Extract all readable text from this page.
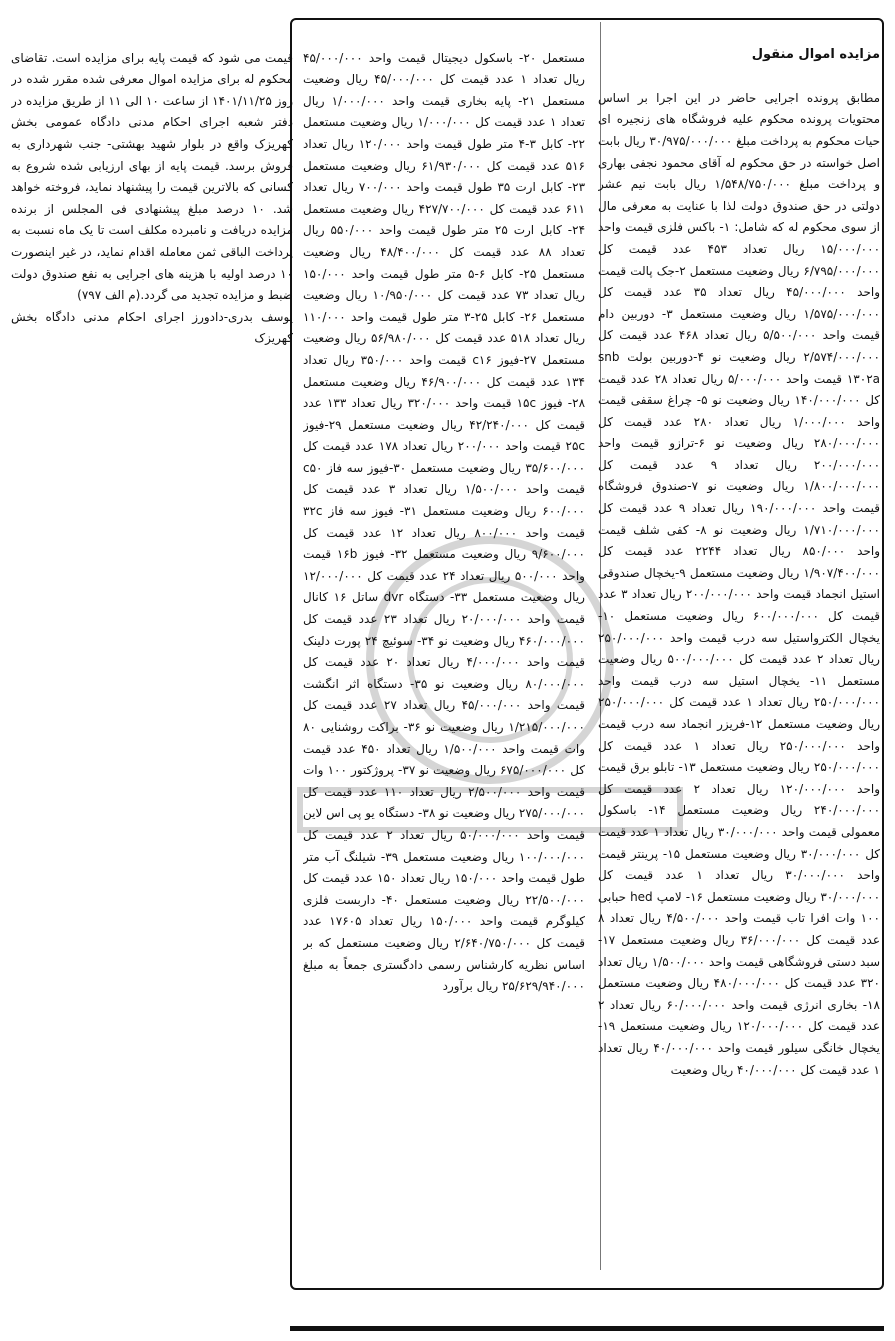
مزایده اموال منقول

مطابق پرونده اجرایی حاضر در این اجرا بر اساس محتویات پرونده محکوم علیه فروشگاه های زنجیره ای حیات محکوم به پرداخت مبلغ ۳۰/۹۷۵/۰۰۰/۰۰۰ ریال بابت اصل خواسته در حق محکوم له آقای محمود نجفی بهاری و پرداخت مبلغ ۱/۵۴۸/۷۵۰/۰۰۰ ریال بابت نیم عشر دولتی در حق صندوق دولت لذا با عنایت به معرفی مال از سوی محکوم له که شامل: ۱- باکس فلزی قیمت واحد ۱۵/۰۰۰/۰۰۰ ریال تعداد ۴۵۳ عدد قیمت کل ۶/۷۹۵/۰۰۰/۰۰۰ ریال وضعیت مستعمل ۲-جک پالت قیمت واحد ۴۵/۰۰۰/۰۰۰ ریال تعداد ۳۵ عدد قیمت کل ۱/۵۷۵/۰۰۰/۰۰۰ ریال وضعیت مستعمل ۳- دوربین دام قیمت واحد ۵/۵۰۰/۰۰۰ ریال تعداد ۴۶۸ عدد قیمت کل ۲/۵۷۴/۰۰۰/۰۰۰ ریال وضعیت نو ۴-دوربین بولت snb ۱۳۰۲a قیمت واحد ۵/۰۰۰/۰۰۰ ریال تعداد ۲۸ عدد قیمت کل ۱۴۰/۰۰۰/۰۰۰ ریال وضعیت نو ۵- چراغ سقفی قیمت واحد ۱/۰۰۰/۰۰۰ ریال تعداد ۲۸۰ عدد قیمت کل ۲۸۰/۰۰۰/۰۰۰ ریال وضعیت نو ۶-ترازو قیمت واحد ۲۰۰/۰۰۰/۰۰۰ ریال تعداد ۹ عدد قیمت کل ۱/۸۰۰/۰۰۰/۰۰۰ ریال وضعیت نو ۷-صندوق فروشگاه قیمت واحد ۱۹۰/۰۰۰/۰۰۰ ریال تعداد ۹ عدد قیمت کل ۱/۷۱۰/۰۰۰/۰۰۰ ریال وضعیت نو ۸- کفی شلف قیمت واحد ۸۵۰/۰۰۰ ریال تعداد ۲۲۴۴ عدد قیمت کل ۱/۹۰۷/۴۰۰/۰۰۰ ریال وضعیت مستعمل ۹-یخچال صندوقی استیل انجماد قیمت واحد ۲۰۰/۰۰۰/۰۰۰ ریال تعداد ۳ عدد قیمت کل ۶۰۰/۰۰۰/۰۰۰ ریال وضعیت مستعمل ۱۰- یخچال الکترواستیل سه درب قیمت واحد ۲۵۰/۰۰۰/۰۰۰ ریال تعداد ۲ عدد قیمت کل ۵۰۰/۰۰۰/۰۰۰ ریال وضعیت مستعمل ۱۱- یخچال استیل سه درب قیمت واحد ۲۵۰/۰۰۰/۰۰۰ ریال تعداد ۱ عدد قیمت کل ۲۵۰/۰۰۰/۰۰۰ ریال وضعیت مستعمل ۱۲-فریزر انجماد سه درب قیمت واحد ۲۵۰/۰۰۰/۰۰۰ ریال تعداد ۱ عدد قیمت کل ۲۵۰/۰۰۰/۰۰۰ ریال وضعیت مستعمل ۱۳- تابلو برق قیمت واحد ۱۲۰/۰۰۰/۰۰۰ ریال تعداد ۲ عدد قیمت کل ۲۴۰/۰۰۰/۰۰۰ ریال وضعیت مستعمل ۱۴- باسکول معمولی قیمت واحد ۳۰/۰۰۰/۰۰۰ ریال تعداد ۱ عدد قیمت کل ۳۰/۰۰۰/۰۰۰ ریال وضعیت مستعمل ۱۵- پرینتر قیمت واحد ۳۰/۰۰۰/۰۰۰ ریال تعداد ۱ عدد قیمت کل ۳۰/۰۰۰/۰۰۰ ریال وضعیت مستعمل ۱۶- لامپ hed حبابی ۱۰۰ وات افرا تاب قیمت واحد ۴/۵۰۰/۰۰۰ ریال تعداد ۸ عدد قیمت کل ۳۶/۰۰۰/۰۰۰ ریال وضعیت مستعمل ۱۷- سبد دستی فروشگاهی قیمت واحد ۱/۵۰۰/۰۰۰ ریال تعداد ۳۲۰ عدد قیمت کل ۴۸۰/۰۰۰/۰۰۰ ریال وضعیت مستعمل ۱۸- بخاری انرژی قیمت واحد ۶۰/۰۰۰/۰۰۰ ریال تعداد ۲ عدد قیمت کل ۱۲۰/۰۰۰/۰۰۰ ریال وضعیت مستعمل ۱۹- یخچال خانگی سیلور قیمت واحد ۴۰/۰۰۰/۰۰۰ ریال تعداد ۱ عدد قیمت کل ۴۰/۰۰۰/۰۰۰ ریال وضعیت

مستعمل ۲۰- باسکول دیجیتال قیمت واحد ۴۵/۰۰۰/۰۰۰ ریال تعداد ۱ عدد قیمت کل ۴۵/۰۰۰/۰۰۰ ریال وضعیت مستعمل ۲۱- پایه بخاری قیمت واحد ۱/۰۰۰/۰۰۰ ریال تعداد ۱ عدد قیمت کل ۱/۰۰۰/۰۰۰ ریال وضعیت مستعمل ۲۲- کابل ۳-۴ متر طول قیمت واحد ۱۲۰/۰۰۰ ریال تعداد ۵۱۶ عدد قیمت کل ۶۱/۹۳۰/۰۰۰ ریال وضعیت مستعمل ۲۳- کابل ارت ۳۵ طول قیمت واحد ۷۰۰/۰۰۰ ریال تعداد ۶۱۱ عدد قیمت کل ۴۲۷/۷۰۰/۰۰۰ ریال وضعیت مستعمل ۲۴- کابل ارت ۲۵ متر طول قیمت واحد ۵۵۰/۰۰۰ ریال تعداد ۸۸ عدد قیمت کل ۴۸/۴۰۰/۰۰۰ ریال وضعیت مستعمل ۲۵- کابل ۶-۵ متر طول قیمت واحد ۱۵۰/۰۰۰ ریال تعداد ۷۳ عدد قیمت کل ۱۰/۹۵۰/۰۰۰ ریال وضعیت مستعمل ۲۶- کابل ۲۵-۳ متر طول قیمت واحد ۱۱۰/۰۰۰ ریال تعداد ۵۱۸ عدد قیمت کل ۵۶/۹۸۰/۰۰۰ ریال وضعیت مستعمل ۲۷-فیوز c۱۶ قیمت واحد ۳۵۰/۰۰۰ ریال تعداد ۱۳۴ عدد قیمت کل ۴۶/۹۰۰/۰۰۰ ریال وضعیت مستعمل ۲۸- فیوز ۱۵c قیمت واحد ۳۲۰/۰۰۰ ریال تعداد ۱۳۳ عدد قیمت کل ۴۲/۲۴۰/۰۰۰ ریال وضعیت مستعمل ۲۹-فیوز ۲۵c قیمت واحد ۲۰۰/۰۰۰ ریال تعداد ۱۷۸ عدد قیمت کل ۳۵/۶۰۰/۰۰۰ ریال وضعیت مستعمل ۳۰-فیوز سه فاز c۵۰ قیمت واحد ۱/۵۰۰/۰۰۰ ریال تعداد ۳ عدد قیمت کل ۶۰۰/۰۰۰ ریال وضعیت مستعمل ۳۱- فیوز سه فاز ۳۲c قیمت واحد ۸۰۰/۰۰۰ ریال تعداد ۱۲ عدد قیمت کل ۹/۶۰۰/۰۰۰ ریال وضعیت مستعمل ۳۲- فیوز ۱۶b قیمت واحد ۵۰۰/۰۰۰ ریال تعداد ۲۴ عدد قیمت کل ۱۲/۰۰۰/۰۰۰ ریال وضعیت مستعمل ۳۳- دستگاه dvr ساتل ۱۶ کانال قیمت واحد ۲۰/۰۰۰/۰۰۰ ریال تعداد ۲۳ عدد قیمت کل ۴۶۰/۰۰۰/۰۰۰ ریال وضعیت نو ۳۴- سوئیچ ۲۴ پورت دلینک قیمت واحد ۴/۰۰۰/۰۰۰ ریال تعداد ۲۰ عدد قیمت کل ۸۰/۰۰۰/۰۰۰ ریال وضعیت نو ۳۵- دستگاه اثر انگشت قیمت واحد ۴۵/۰۰۰/۰۰۰ ریال تعداد ۲۷ عدد قیمت کل ۱/۲۱۵/۰۰۰/۰۰۰ ریال وضعیت نو ۳۶- براکت روشنایی ۸۰ وات قیمت واحد ۱/۵۰۰/۰۰۰ ریال تعداد ۴۵۰ عدد قیمت کل ۶۷۵/۰۰۰/۰۰۰ ریال وضعیت نو ۳۷- پروژکتور ۱۰۰ وات قیمت واحد ۲/۵۰۰/۰۰۰ ریال تعداد ۱۱۰ عدد قیمت کل ۲۷۵/۰۰۰/۰۰۰ ریال وضعیت نو ۳۸- دستگاه یو پی اس لاین قیمت واحد ۵۰/۰۰۰/۰۰۰ ریال تعداد ۲ عدد قیمت کل ۱۰۰/۰۰۰/۰۰۰ ریال وضعیت مستعمل ۳۹- شیلنگ آب متر طول قیمت واحد ۱۵۰/۰۰۰ ریال تعداد ۱۵۰ عدد قیمت کل ۲۲/۵۰۰/۰۰۰ ریال وضعیت مستعمل ۴۰- داربست فلزی کیلوگرم قیمت واحد ۱۵۰/۰۰۰ ریال تعداد ۱۷۶۰۵ عدد قیمت کل ۲/۶۴۰/۷۵۰/۰۰۰ ریال وضعیت مستعمل که بر اساس نظریه کارشناس رسمی دادگستری جمعاً به مبلغ ۲۵/۶۲۹/۹۴۰/۰۰۰ ریال برآورد

قیمت می شود که قیمت پایه برای مزایده است. تقاضای محکوم له برای مزایده اموال معرفی شده مقرر شده در روز ۱۴۰۱/۱۱/۲۵ از ساعت ۱۰ الی ۱۱ از طریق مزایده در دفتر شعبه اجرای احکام مدنی دادگاه عمومی بخش کهریزک واقع در بلوار شهید بهشتی- جنب شهرداری به فروش برسد. قیمت پایه از بهای ارزیابی شده شروع به کسانی که بالاترین قیمت را پیشنهاد نماید، فروخته خواهد شد. ۱۰ درصد مبلغ پیشنهادی فی المجلس از برنده مزایده دریافت و نامبرده مکلف است تا یک ماه نسبت به پرداخت الباقی ثمن معامله اقدام نماید، در غیر اینصورت ۱۰ درصد اولیه با هزینه های اجرایی به نفع صندوق دولت ضبط و مزایده تجدید می گردد.(م الف ۷۹۷)
یوسف بدری-دادورز اجرای احکام مدنی دادگاه بخش کهریزک
